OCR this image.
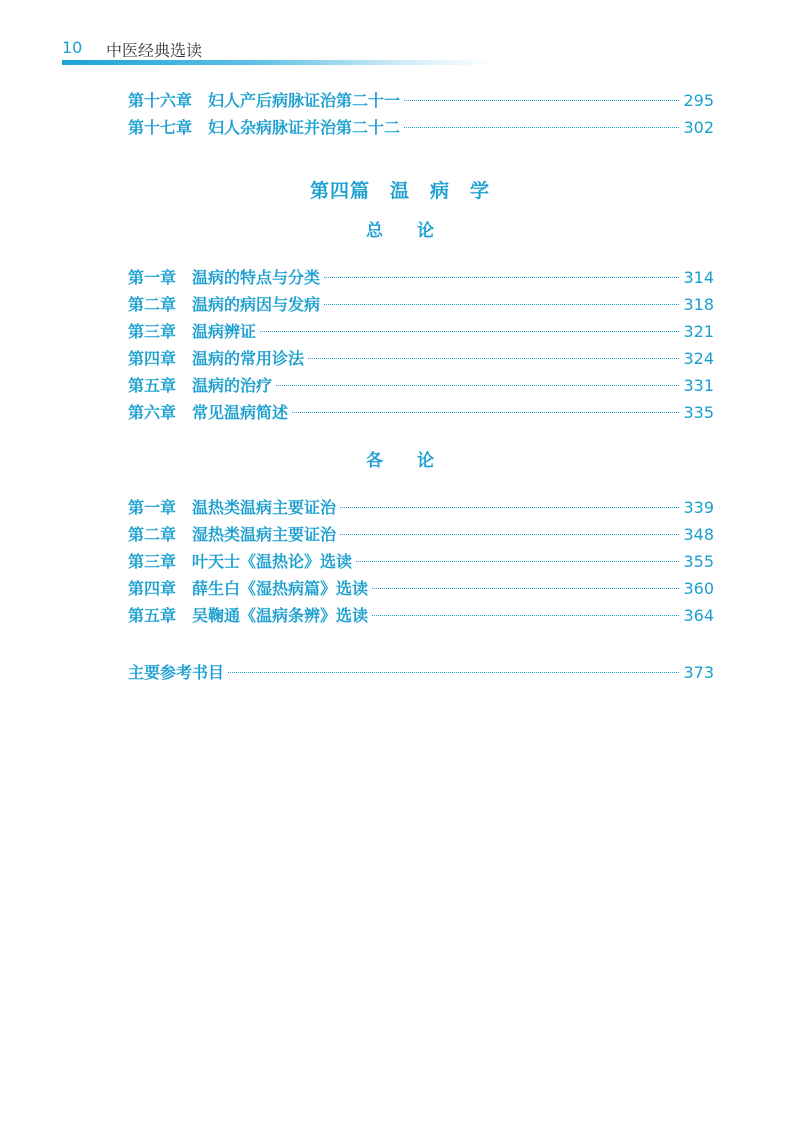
10 中医经典选读
第十六章 妇人产后病脉证治第二十一	295
第十七章 妇人杂病脉证并治第二十二	302
第四篇　温　病　学
总　　论
第一章 温病的特点与分类	314
第二章 温病的病因与发病	318
第三章 温病辨证	321
第四章 温病的常用诊法	324
第五章 温病的治疗	331
第六章 常见温病简述	335
各　　论
第一章 温热类温病主要证治	339
第二章 湿热类温病主要证治	348
第三章 叶天士《温热论》选读	355
第四章 薛生白《湿热病篇》选读	360
第五章 吴鞠通《温病条辨》选读	364
主要参考书目	373
